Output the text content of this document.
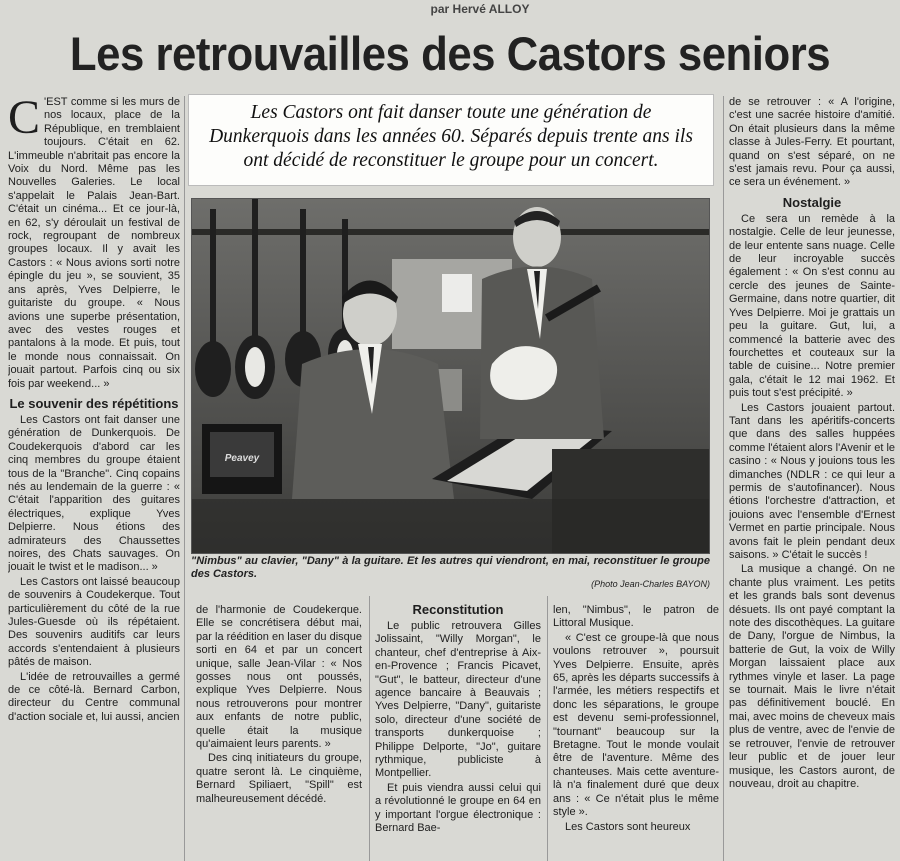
par Hervé ALLOY
Les retrouvailles des Castors seniors

C 'EST comme si les murs de nos locaux, place de la République, en tremblaient toujours. C'était en 62. L'immeuble n'abritait pas encore la Voix du Nord. Même pas les Nouvelles Galeries. Le local s'appelait le Palais Jean-Bart. C'était un cinéma... Et ce jour-là, en 62, s'y déroulait un festival de rock, regroupant de nombreux groupes locaux. Il y avait les Castors : « Nous avions sorti notre épingle du jeu », se souvient, 35 ans après, Yves Delpierre, le guitariste du groupe. « Nous avions une superbe présentation, avec des vestes rouges et pantalons à la mode. Et puis, tout le monde nous connaissait. On jouait partout. Parfois cinq ou six fois par weekend... »

Le souvenir des répétitions

Les Castors ont fait danser une génération de Dunkerquois. De Coudekerquois d'abord car les cinq membres du groupe étaient tous de la "Branche". Cinq copains nés au lendemain de la guerre : « C'était l'apparition des guitares électriques, explique Yves Delpierre. Nous étions des admirateurs des Chaussettes noires, des Chats sauvages. On jouait le twist et le madison... »

Les Castors ont laissé beaucoup de souvenirs à Coudekerque. Tout particulièrement du côté de la rue Jules-Guesde où ils répétaient. Des souvenirs auditifs car leurs accords s'entendaient à plusieurs pâtés de maison.

L'idée de retrouvailles a germé de ce côté-là. Bernard Carbon, directeur du Centre communal d'action sociale et, lui aussi, ancien

Les Castors ont fait danser toute une génération de Dunkerquois dans les années 60. Séparés depuis trente ans ils ont décidé de reconstituer le groupe pour un concert.
Peavey
"Nimbus" au clavier, "Dany" à la guitare. Et les autres qui viendront, en mai, reconstituer le groupe des Castors.
(Photo Jean-Charles BAYON)

de l'harmonie de Coudekerque. Elle se concrétisera début mai, par la réédition en laser du disque sorti en 64 et par un concert unique, salle Jean-Vilar : « Nos gosses nous ont poussés, explique Yves Delpierre. Nous nous retrouverons pour montrer aux enfants de notre public, quelle était la musique qu'aimaient leurs parents. »

Des cinq initiateurs du groupe, quatre seront là. Le cinquième, Bernard Spiliaert, "Spill" est malheureusement décédé.

Reconstitution

Le public retrouvera Gilles Jolissaint, "Willy Morgan", le chanteur, chef d'entreprise à Aix-en-Provence ; Francis Picavet, "Gut", le batteur, directeur d'une agence bancaire à Beauvais ; Yves Delpierre, "Dany", guitariste solo, directeur d'une société de transports dunkerquoise ; Philippe Delporte, "Jo", guitare rythmique, publiciste à Montpellier.

Et puis viendra aussi celui qui a révolutionné le groupe en 64 en y important l'orgue électronique : Bernard Bae-

len, "Nimbus", le patron de Littoral Musique.

« C'est ce groupe-là que nous voulons retrouver », poursuit Yves Delpierre. Ensuite, après 65, après les départs successifs à l'armée, les métiers respectifs et donc les séparations, le groupe est devenu semi-professionnel, "tournant" beaucoup sur la Bretagne. Tout le monde voulait être de l'aventure. Même des chanteuses. Mais cette aventure-là n'a finalement duré que deux ans : « Ce n'était plus le même style ».

Les Castors sont heureux

de se retrouver : « A l'origine, c'est une sacrée histoire d'amitié. On était plusieurs dans la même classe à Jules-Ferry. Et pourtant, quand on s'est séparé, on ne s'est jamais revu. Pour ça aussi, ce sera un événement. »

Nostalgie

Ce sera un remède à la nostalgie. Celle de leur jeunesse, de leur entente sans nuage. Celle de leur incroyable succès également : « On s'est connu au cercle des jeunes de Sainte-Germaine, dans notre quartier, dit Yves Delpierre. Moi je grattais un peu la guitare. Gut, lui, a commencé la batterie avec des fourchettes et couteaux sur la table de cuisine... Notre premier gala, c'était le 12 mai 1962. Et puis tout s'est précipité. »

Les Castors jouaient partout. Tant dans les apéritifs-concerts que dans des salles huppées comme l'étaient alors l'Avenir et le casino : « Nous y jouions tous les dimanches (NDLR : ce qui leur a permis de s'autofinancer). Nous étions l'orchestre d'attraction, et jouions avec l'ensemble d'Ernest Vermet en partie principale. Nous avons fait le plein pendant deux saisons. » C'était le succès !

La musique a changé. On ne chante plus vraiment. Les petits et les grands bals sont devenus désuets. Ils ont payé comptant la note des discothèques. La guitare de Dany, l'orgue de Nimbus, la batterie de Gut, la voix de Willy Morgan laissaient place aux rythmes vinyle et laser. La page se tournait. Mais le livre n'était pas définitivement bouclé. En mai, avec moins de cheveux mais plus de ventre, avec de l'envie de se retrouver, l'envie de retrouver leur public et de jouer leur musique, les Castors auront, de nouveau, droit au chapitre.
